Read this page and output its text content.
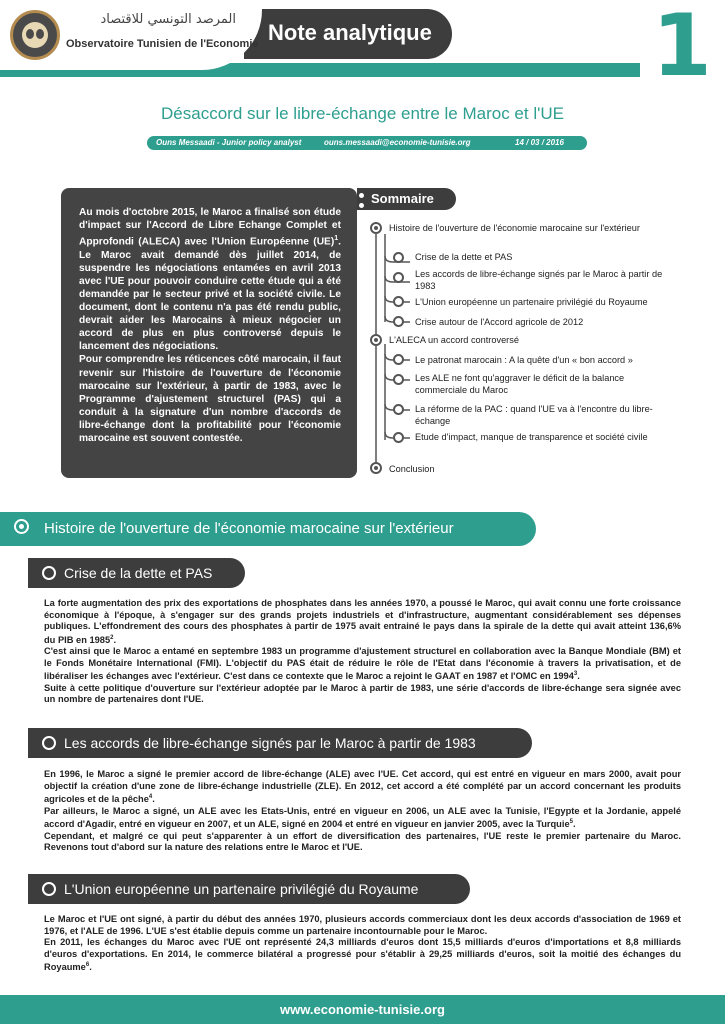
Note analytique
المرصد التونسي للاقتصاد
Observatoire Tunisien de l'Economie	1
Désaccord sur le libre-échange entre le Maroc et l'UE
Ouns Messaadi - Junior policy analyst	ouns.messaadi@economie-tunisie.org	14 / 03 / 2016

Au mois d'octobre 2015, le Maroc a finalisé son étude d'impact sur l'Accord de Libre Echange Complet et Approfondi (ALECA) avec l'Union Européenne (UE)$^1$. Le Maroc avait demandé dès juillet 2014, de suspendre les négociations entamées en avril 2013 avec l'UE pour pouvoir conduire cette étude qui a été demandée par le secteur privé et la société civile. Le document, dont le contenu n'a pas été rendu public, devrait aider les Marocains à mieux négocier un accord de plus en plus controversé depuis le lancement des négociations.

Pour comprendre les réticences côté marocain, il faut revenir sur l'histoire de l'ouverture de l'économie marocaine sur l'extérieur, à partir de 1983, avec le Programme d'ajustement structurel (PAS) qui a conduit à la signature d'un nombre d'accords de libre-échange dont la profitabilité pour l'économie marocaine est souvent contestée.

Sommaire
Histoire de l'ouverture de l'économie marocaine sur l'extérieur
Crise de la dette et PAS
Les accords de libre-échange signés par le Maroc à partir de 1983
L'Union européenne un partenaire privilégié du Royaume
Crise autour de l'Accord agricole de 2012
L'ALECA un accord controversé
Le patronat marocain : A la quête d'un « bon accord »
Les ALE ne font qu'aggraver le déficit de la balance commerciale du Maroc
La réforme de la PAC : quand l'UE va à l'encontre du libre-échange
Etude d'impact, manque de transparence et société civile
Conclusion
Histoire de l'ouverture de l'économie marocaine sur l'extérieur
Crise de la dette et PAS
La forte augmentation des prix des exportations de phosphates dans les années 1970, a poussé le Maroc, qui avait connu une forte croissance économique à l'époque, à s'engager sur des grands projets industriels et d'infrastructure, augmentant considérablement ses dépenses publiques. L'effondrement des cours des phosphates à partir de 1975 avait entrainé le pays dans la spirale de la dette qui avait atteint 136,6% du PIB en 1985$^2$.
C'est ainsi que le Maroc a entamé en septembre 1983 un programme d'ajustement structurel en collaboration avec la Banque Mondiale (BM) et le Fonds Monétaire International (FMI). L'objectif du PAS était de réduire le rôle de l'Etat dans l'économie à travers la privatisation, et de libéraliser les échanges avec l'extérieur. C'est dans ce contexte que le Maroc a rejoint le GAAT en 1987 et l'OMC en 1994$^3$.
Suite à cette politique d'ouverture sur l'extérieur adoptée par le Maroc à partir de 1983, une série d'accords de libre-échange sera signée avec un nombre de partenaires dont l'UE.
Les accords de libre-échange signés par le Maroc à partir de 1983
En 1996, le Maroc a signé le premier accord de libre-échange (ALE) avec l'UE. Cet accord, qui est entré en vigueur en mars 2000, avait pour objectif la création d'une zone de libre-échange industrielle (ZLE). En 2012, cet accord a été complété par un accord concernant les produits agricoles et de la pêche$^4$.
Par ailleurs, le Maroc a signé, un ALE avec les Etats-Unis, entré en vigueur en 2006, un ALE avec la Tunisie, l'Egypte et la Jordanie, appelé accord d'Agadir, entré en vigueur en 2007, et un ALE, signé en 2004 et entré en vigueur en janvier 2005, avec la Turquie$^5$.
Cependant, et malgré ce qui peut s'apparenter à un effort de diversification des partenaires, l'UE reste le premier partenaire du Maroc. Revenons tout d'abord sur la nature des relations entre le Maroc et l'UE.
L'Union européenne un partenaire privilégié du Royaume
Le Maroc et l'UE ont signé, à partir du début des années 1970, plusieurs accords commerciaux dont les deux accords d'association de 1969 et 1976, et l'ALE de 1996. L'UE s'est établie depuis comme un partenaire incontournable pour le Maroc.
En 2011, les échanges du Maroc avec l'UE ont représenté 24,3 milliards d'euros dont 15,5 milliards d'euros d'importations et 8,8 milliards d'euros d'exportations. En 2014, le commerce bilatéral a progressé pour s'établir à 29,25 milliards d'euros, soit la moitié des échanges du Royaume$^6$.
www.economie-tunisie.org
